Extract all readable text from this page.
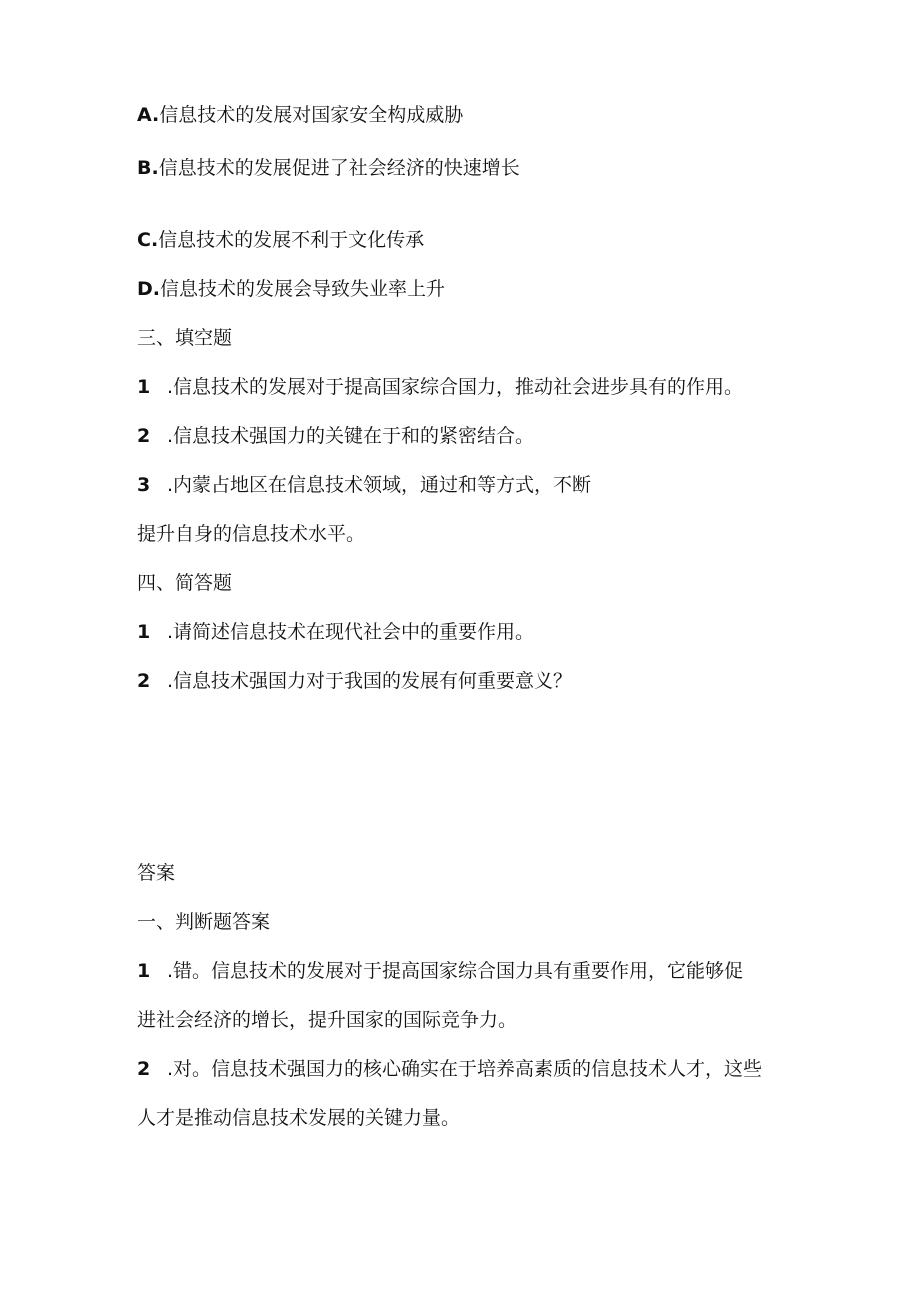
A.信息技术的发展对国家安全构成威胁
B.信息技术的发展促进了社会经济的快速增长
C.信息技术的发展不利于文化传承
D.信息技术的发展会导致失业率上升
三、填空题
1 .信息技术的发展对于提高国家综合国力，推动社会进步具有的作用。
2 .信息技术强国力的关键在于和的紧密结合。
3 .内蒙占地区在信息技术领域，通过和等方式，不断
提升自身的信息技术水平。
四、简答题
1 .请简述信息技术在现代社会中的重要作用。
2 .信息技术强国力对于我国的发展有何重要意义？
答案
一、判断题答案
1 .错。信息技术的发展对于提高国家综合国力具有重要作用，它能够促
进社会经济的增长，提升国家的国际竞争力。
2 .对。信息技术强国力的核心确实在于培养高素质的信息技术人才，这些
人才是推动信息技术发展的关键力量。
